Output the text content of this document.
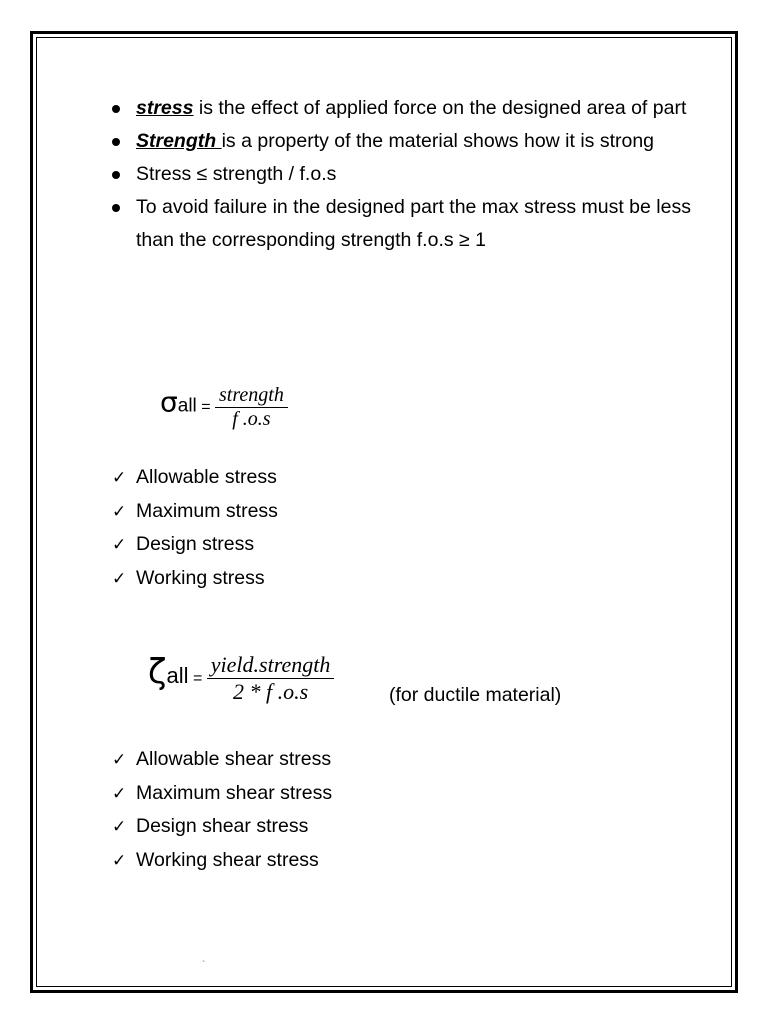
stress is the effect of applied force on the designed area of part
Strength is a property of the material shows how it is strong
Stress ≤ strength / f.o.s
To avoid failure in the designed part the max stress must be less than the corresponding strength f.o.s ≥ 1
$\sigma all = \frac{\text{strength}}{f .o.s}$
✓ Allowable stress
✓ Maximum stress
✓ Design stress
✓ Working stress
$\zeta all = \frac{\text{yield.strength}}{2 * f .o.s}$	(for ductile material)
✓ Allowable shear stress
✓ Maximum shear stress
✓ Design shear stress
✓ Working shear stress
`
